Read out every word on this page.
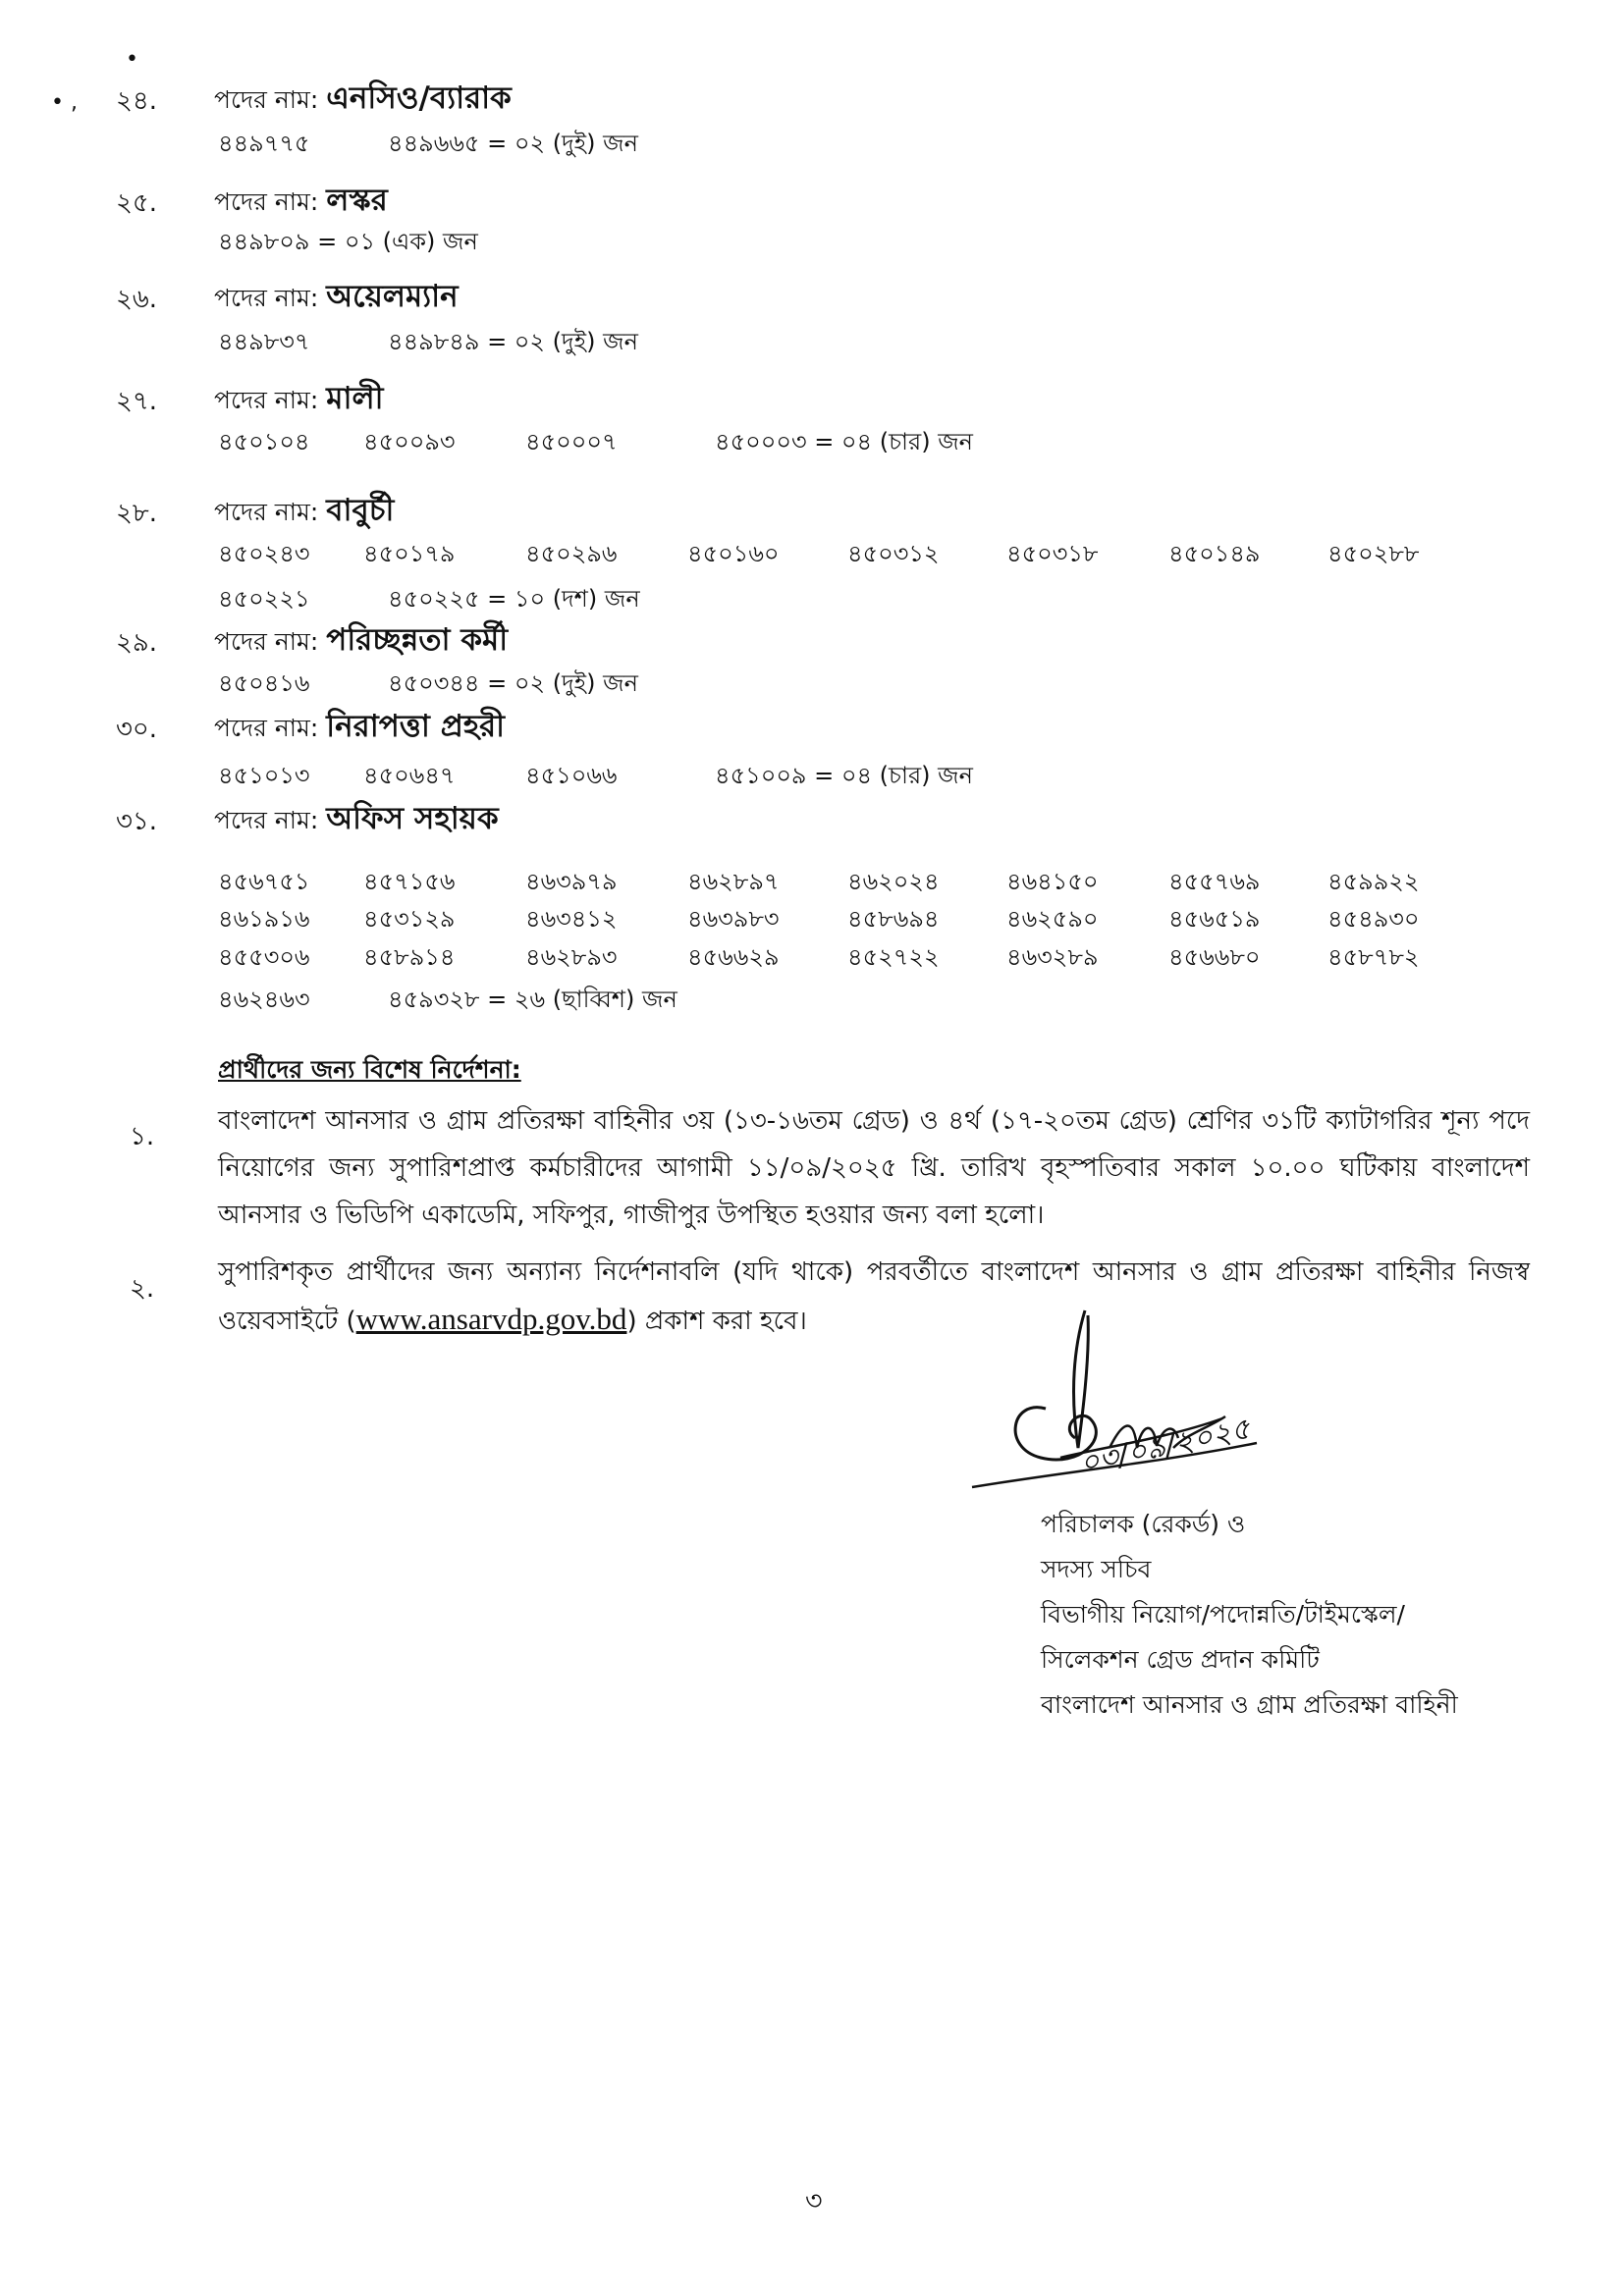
•
• , ২৪. পদের নাম: এনসিও/ব্যারাক
৪৪৯৭৭৫	৪৪৯৬৬৫ = ০২ (দুই) জন
২৫. পদের নাম: লস্কর
৪৪৯৮০৯ = ০১ (এক) জন
২৬. পদের নাম: অয়েলম্যান
৪৪৯৮৩৭	৪৪৯৮৪৯ = ০২ (দুই) জন
২৭. পদের নাম: মালী
৪৫০১০৪ ৪৫০০৯৩	৪৫০০০৭	৪৫০০০৩ = ০৪ (চার) জন
২৮. পদের নাম: বাবুর্চী
৪৫০২৪৩ ৪৫০১৭৯	৪৫০২৯৬	৪৫০১৬০	৪৫০৩১২	৪৫০৩১৮	৪৫০১৪৯	৪৫০২৮৮
৪৫০২২১	৪৫০২২৫ = ১০ (দশ) জন
২৯. পদের নাম: পরিচ্ছন্নতা কর্মী
৪৫০৪১৬	৪৫০৩৪৪ = ০২ (দুই) জন
৩০. পদের নাম: নিরাপত্তা প্রহরী
৪৫১০১৩ ৪৫০৬৪৭	৪৫১০৬৬	৪৫১০০৯ = ০৪ (চার) জন
৩১. পদের নাম: অফিস সহায়ক
৪৫৬৭৫১ ৪৫৭১৫৬	৪৬৩৯৭৯	৪৬২৮৯৭	৪৬২০২৪	৪৬৪১৫০	৪৫৫৭৬৯	৪৫৯৯২২
৪৬১৯১৬ ৪৫৩১২৯	৪৬৩৪১২	৪৬৩৯৮৩	৪৫৮৬৯৪	৪৬২৫৯০	৪৫৬৫১৯	৪৫৪৯৩০
৪৫৫৩০৬ ৪৫৮৯১৪	৪৬২৮৯৩	৪৫৬৬২৯	৪৫২৭২২	৪৬৩২৮৯	৪৫৬৬৮০	৪৫৮৭৮২
৪৬২৪৬৩	৪৫৯৩২৮ = ২৬ (ছাব্বিশ) জন
প্রার্থীদের জন্য বিশেষ নির্দেশনা:
১.
বাংলাদেশ আনসার ও গ্রাম প্রতিরক্ষা বাহিনীর ৩য় (১৩-১৬তম গ্রেড) ও ৪র্থ (১৭-২০তম গ্রেড) শ্রেণির ৩১টি ক্যাটাগরির শূন্য পদে নিয়োগের জন্য সুপারিশপ্রাপ্ত কর্মচারীদের আগামী ১১/০৯/২০২৫ খ্রি. তারিখ বৃহস্পতিবার সকাল ১০.০০ ঘটিকায় বাংলাদেশ আনসার ও ভিডিপি একাডেমি, সফিপুর, গাজীপুর উপস্থিত হওয়ার জন্য বলা হলো।
২.
সুপারিশকৃত প্রার্থীদের জন্য অন্যান্য নির্দেশনাবলি (যদি থাকে) পরবর্তীতে বাংলাদেশ আনসার ও গ্রাম প্রতিরক্ষা বাহিনীর নিজস্ব ওয়েবসাইটে (www.ansarvdp.gov.bd) প্রকাশ করা হবে।
০৩/০৯/২০২৫
পরিচালক (রেকর্ড) ও
সদস্য সচিব
বিভাগীয় নিয়োগ/পদোন্নতি/টাইমস্কেল/
সিলেকশন গ্রেড প্রদান কমিটি
বাংলাদেশ আনসার ও গ্রাম প্রতিরক্ষা বাহিনী
৩
